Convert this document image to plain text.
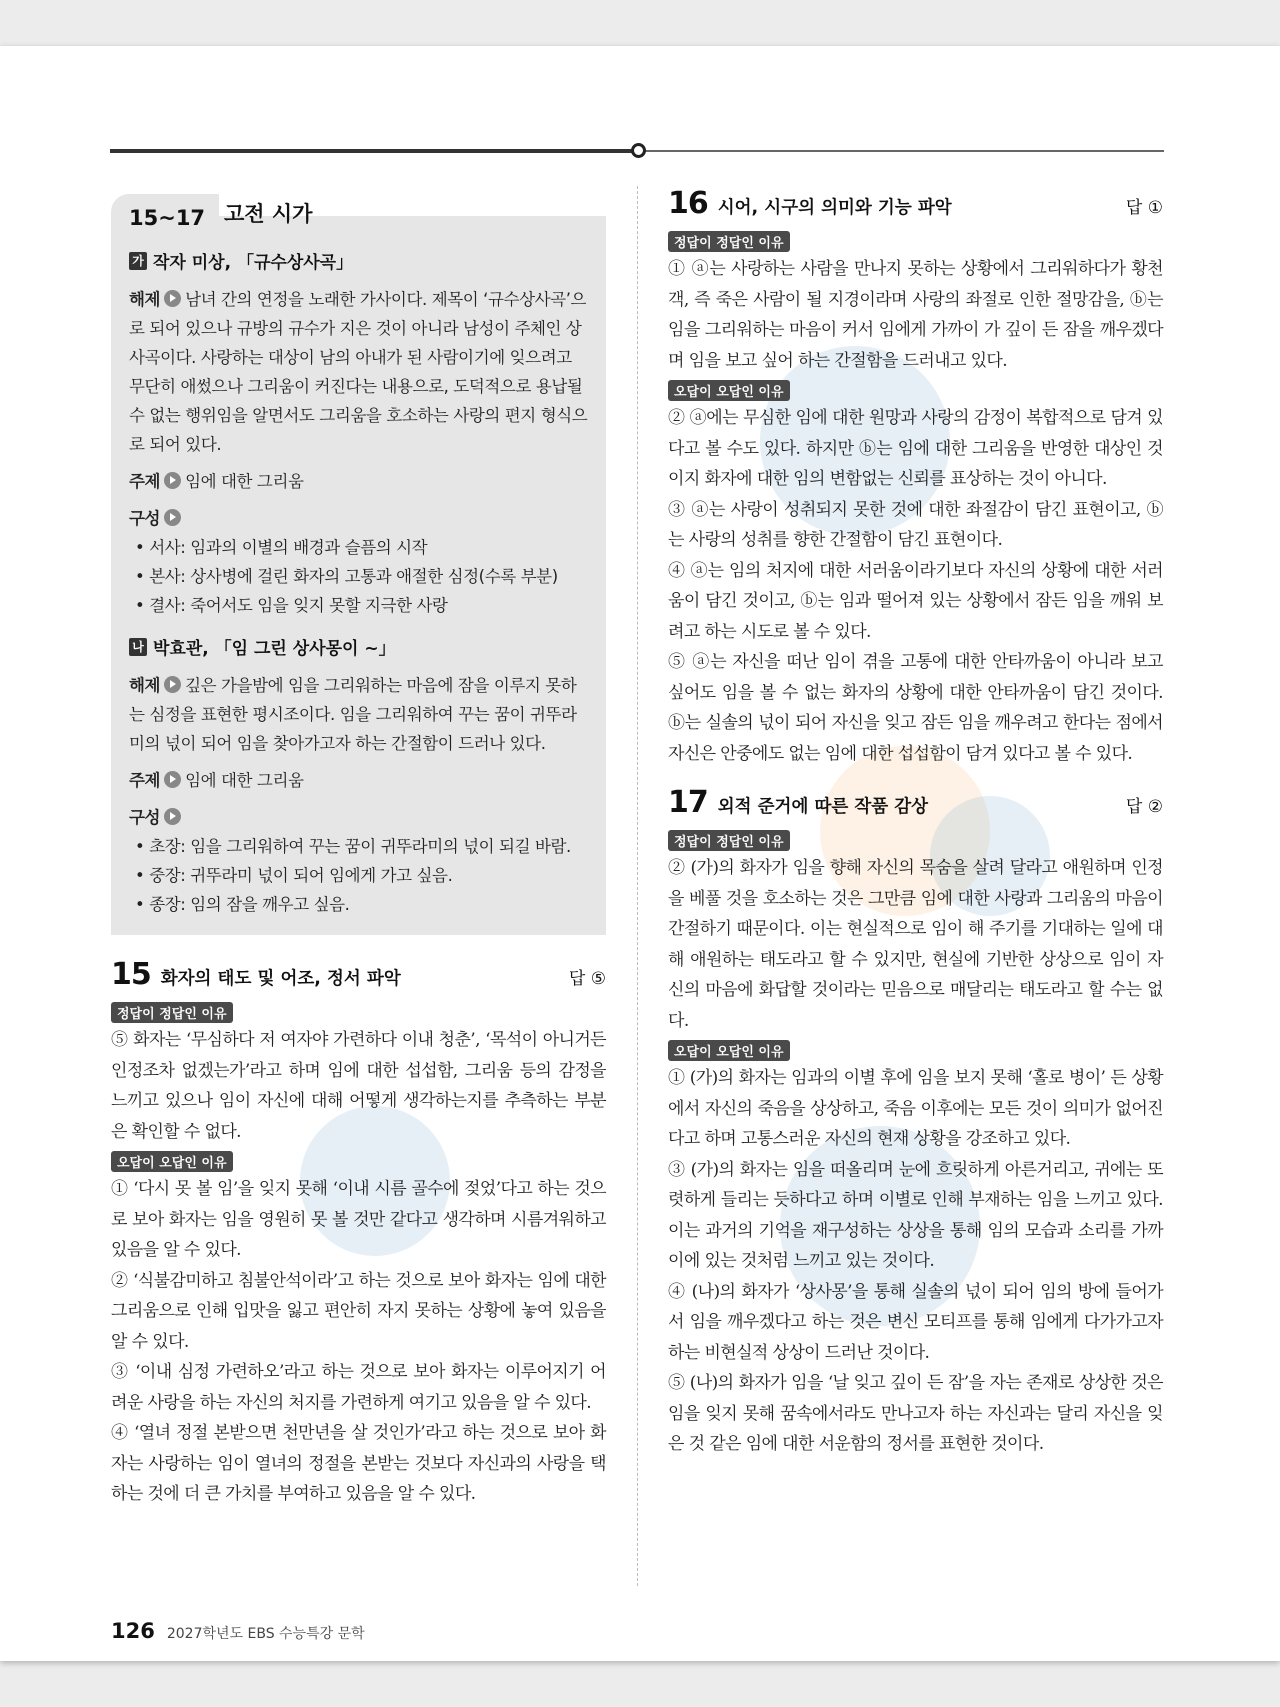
15~17 고전 시가
가 작자 미상, 「규수상사곡」
해제 남녀 간의 연정을 노래한 가사이다. 제목이 ‘규수상사곡’으로 되어 있으나 규방의 규수가 지은 것이 아니라 남성이 주체인 상사곡이다. 사랑하는 대상이 남의 아내가 된 사람이기에 잊으려고 무단히 애썼으나 그리움이 커진다는 내용으로, 도덕적으로 용납될 수 없는 행위임을 알면서도 그리움을 호소하는 사랑의 편지 형식으로 되어 있다.
주제 임에 대한 그리움
구성
• 서사: 임과의 이별의 배경과 슬픔의 시작
• 본사: 상사병에 걸린 화자의 고통과 애절한 심정(수록 부분)
• 결사: 죽어서도 임을 잊지 못할 지극한 사랑
나 박효관, 「임 그린 상사몽이 ~」
해제 깊은 가을밤에 임을 그리워하는 마음에 잠을 이루지 못하는 심정을 표현한 평시조이다. 임을 그리워하여 꾸는 꿈이 귀뚜라미의 넋이 되어 임을 찾아가고자 하는 간절함이 드러나 있다.
주제 임에 대한 그리움
구성
• 초장: 임을 그리워하여 꾸는 꿈이 귀뚜라미의 넋이 되길 바람.
• 중장: 귀뚜라미 넋이 되어 임에게 가고 싶음.
• 종장: 임의 잠을 깨우고 싶음.
15 화자의 태도 및 어조, 정서 파악	답 ⑤
정답이 정답인 이유
⑤ 화자는 ‘무심하다 저 여자야 가련하다 이내 청춘’, ‘목석이 아니거든 인정조차 없겠는가’라고 하며 임에 대한 섭섭함, 그리움 등의 감정을 느끼고 있으나 임이 자신에 대해 어떻게 생각하는지를 추측하는 부분은 확인할 수 없다.
오답이 오답인 이유
① ‘다시 못 볼 임’을 잊지 못해 ‘이내 시름 골수에 젖었’다고 하는 것으로 보아 화자는 임을 영원히 못 볼 것만 같다고 생각하며 시름겨워하고 있음을 알 수 있다.
② ‘식불감미하고 침불안석이라’고 하는 것으로 보아 화자는 임에 대한 그리움으로 인해 입맛을 잃고 편안히 자지 못하는 상황에 놓여 있음을 알 수 있다.
③ ‘이내 심정 가련하오’라고 하는 것으로 보아 화자는 이루어지기 어려운 사랑을 하는 자신의 처지를 가련하게 여기고 있음을 알 수 있다.
④ ‘열녀 정절 본받으면 천만년을 살 것인가’라고 하는 것으로 보아 화자는 사랑하는 임이 열녀의 정절을 본받는 것보다 자신과의 사랑을 택하는 것에 더 큰 가치를 부여하고 있음을 알 수 있다.
16 시어, 시구의 의미와 기능 파악	답 ①
정답이 정답인 이유
① ⓐ는 사랑하는 사람을 만나지 못하는 상황에서 그리워하다가 황천객, 즉 죽은 사람이 될 지경이라며 사랑의 좌절로 인한 절망감을, ⓑ는 임을 그리워하는 마음이 커서 임에게 가까이 가 깊이 든 잠을 깨우겠다며 임을 보고 싶어 하는 간절함을 드러내고 있다.
오답이 오답인 이유
② ⓐ에는 무심한 임에 대한 원망과 사랑의 감정이 복합적으로 담겨 있다고 볼 수도 있다. 하지만 ⓑ는 임에 대한 그리움을 반영한 대상인 것이지 화자에 대한 임의 변함없는 신뢰를 표상하는 것이 아니다.
③ ⓐ는 사랑이 성취되지 못한 것에 대한 좌절감이 담긴 표현이고, ⓑ는 사랑의 성취를 향한 간절함이 담긴 표현이다.
④ ⓐ는 임의 처지에 대한 서러움이라기보다 자신의 상황에 대한 서러움이 담긴 것이고, ⓑ는 임과 떨어져 있는 상황에서 잠든 임을 깨워 보려고 하는 시도로 볼 수 있다.
⑤ ⓐ는 자신을 떠난 임이 겪을 고통에 대한 안타까움이 아니라 보고 싶어도 임을 볼 수 없는 화자의 상황에 대한 안타까움이 담긴 것이다. ⓑ는 실솔의 넋이 되어 자신을 잊고 잠든 임을 깨우려고 한다는 점에서 자신은 안중에도 없는 임에 대한 섭섭함이 담겨 있다고 볼 수 있다.
17 외적 준거에 따른 작품 감상	답 ②
정답이 정답인 이유
② (가)의 화자가 임을 향해 자신의 목숨을 살려 달라고 애원하며 인정을 베풀 것을 호소하는 것은 그만큼 임에 대한 사랑과 그리움의 마음이 간절하기 때문이다. 이는 현실적으로 임이 해 주기를 기대하는 일에 대해 애원하는 태도라고 할 수 있지만, 현실에 기반한 상상으로 임이 자신의 마음에 화답할 것이라는 믿음으로 매달리는 태도라고 할 수는 없다.
오답이 오답인 이유
① (가)의 화자는 임과의 이별 후에 임을 보지 못해 ‘홀로 병이’ 든 상황에서 자신의 죽음을 상상하고, 죽음 이후에는 모든 것이 의미가 없어진다고 하며 고통스러운 자신의 현재 상황을 강조하고 있다.
③ (가)의 화자는 임을 떠올리며 눈에 흐릿하게 아른거리고, 귀에는 또렷하게 들리는 듯하다고 하며 이별로 인해 부재하는 임을 느끼고 있다. 이는 과거의 기억을 재구성하는 상상을 통해 임의 모습과 소리를 가까이에 있는 것처럼 느끼고 있는 것이다.
④ (나)의 화자가 ‘상사몽’을 통해 실솔의 넋이 되어 임의 방에 들어가서 임을 깨우겠다고 하는 것은 변신 모티프를 통해 임에게 다가가고자 하는 비현실적 상상이 드러난 것이다.
⑤ (나)의 화자가 임을 ‘날 잊고 깊이 든 잠’을 자는 존재로 상상한 것은 임을 잊지 못해 꿈속에서라도 만나고자 하는 자신과는 달리 자신을 잊은 것 같은 임에 대한 서운함의 정서를 표현한 것이다.
126 2027학년도 EBS 수능특강 문학
